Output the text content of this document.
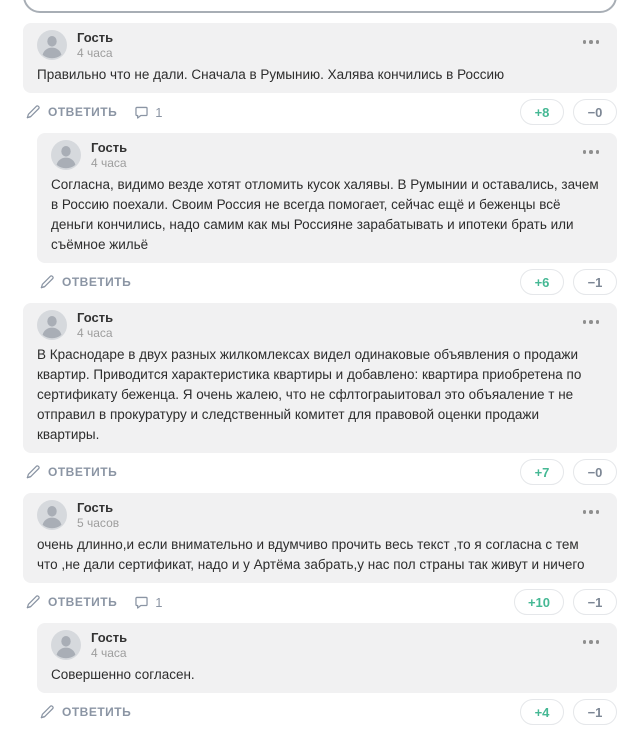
Гость
4 часа
Правильно что не дали. Сначала в Румынию. Халява кончились в Россию
ОТВЕТИТЬ	1	+8	−0
Гость
4 часа
Согласна, видимо везде хотят отломить кусок халявы. В Румынии и оставались, зачем в Россию поехали. Своим Россия не всегда помогает, сейчас ещё и беженцы всё деньги кончились, надо самим как мы Россияне зарабатывать и ипотеки брать или съёмное жильё
ОТВЕТИТЬ	+6	−1
Гость
4 часа
В Краснодаре в двух разных жилкомлексах видел одинаковые объявления о продажи квартир. Приводится характеристика квартиры и добавлено: квартира приобретена по сертификату беженца. Я очень жалею, что не сфлтограыитовал это объяаление т не отправил в прокуратуру и следственный комитет для правовой оценки продажи квартиры.
ОТВЕТИТЬ	+7	−0
Гость
5 часов
очень длинно,и если внимательно и вдумчиво прочить весь текст ,то я согласна с тем что ,не дали сертификат, надо и у Артёма забрать,у нас пол страны так живут и ничего
ОТВЕТИТЬ	1	+10	−1
Гость
4 часа
Совершенно согласен.
ОТВЕТИТЬ	+4	−1
